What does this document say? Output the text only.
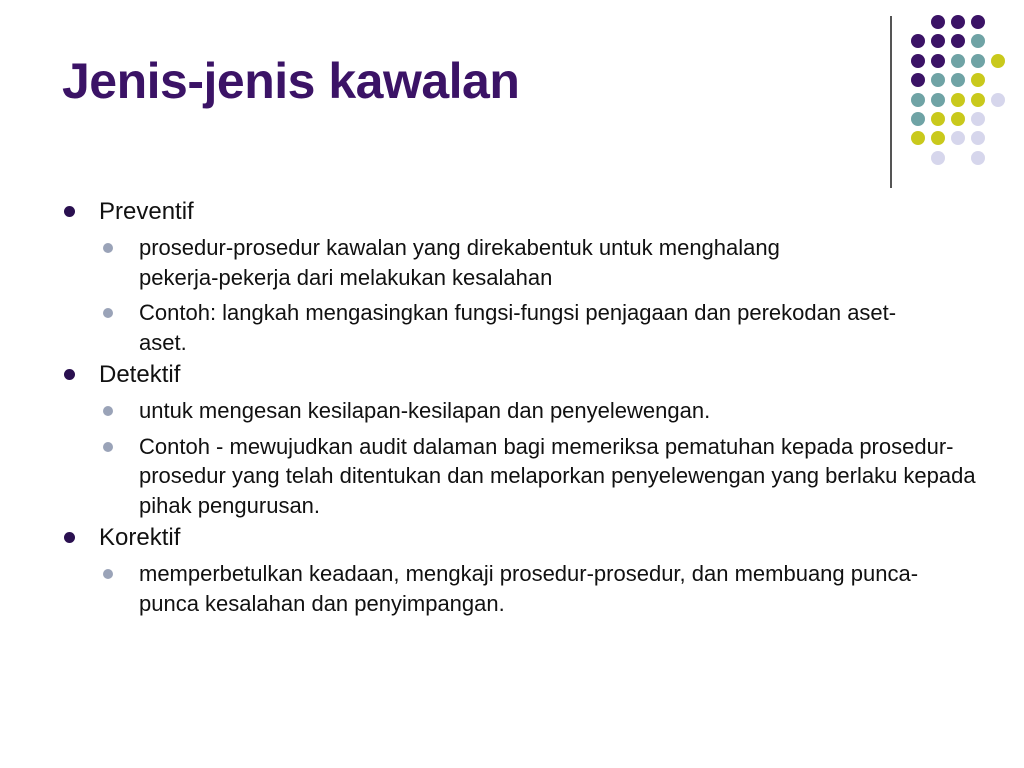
Jenis-jenis kawalan
Preventif
prosedur-prosedur kawalan yang direkabentuk untuk menghalang pekerja-pekerja dari melakukan kesalahan
Contoh: langkah mengasingkan fungsi-fungsi penjagaan dan perekodan aset-aset.
Detektif
untuk mengesan kesilapan-kesilapan dan penyelewengan.
Contoh - mewujudkan audit dalaman bagi memeriksa pematuhan kepada prosedur-prosedur yang telah ditentukan dan melaporkan penyelewengan yang berlaku kepada pihak pengurusan.
Korektif
memperbetulkan keadaan, mengkaji prosedur-prosedur, dan membuang punca-punca kesalahan dan penyimpangan.
